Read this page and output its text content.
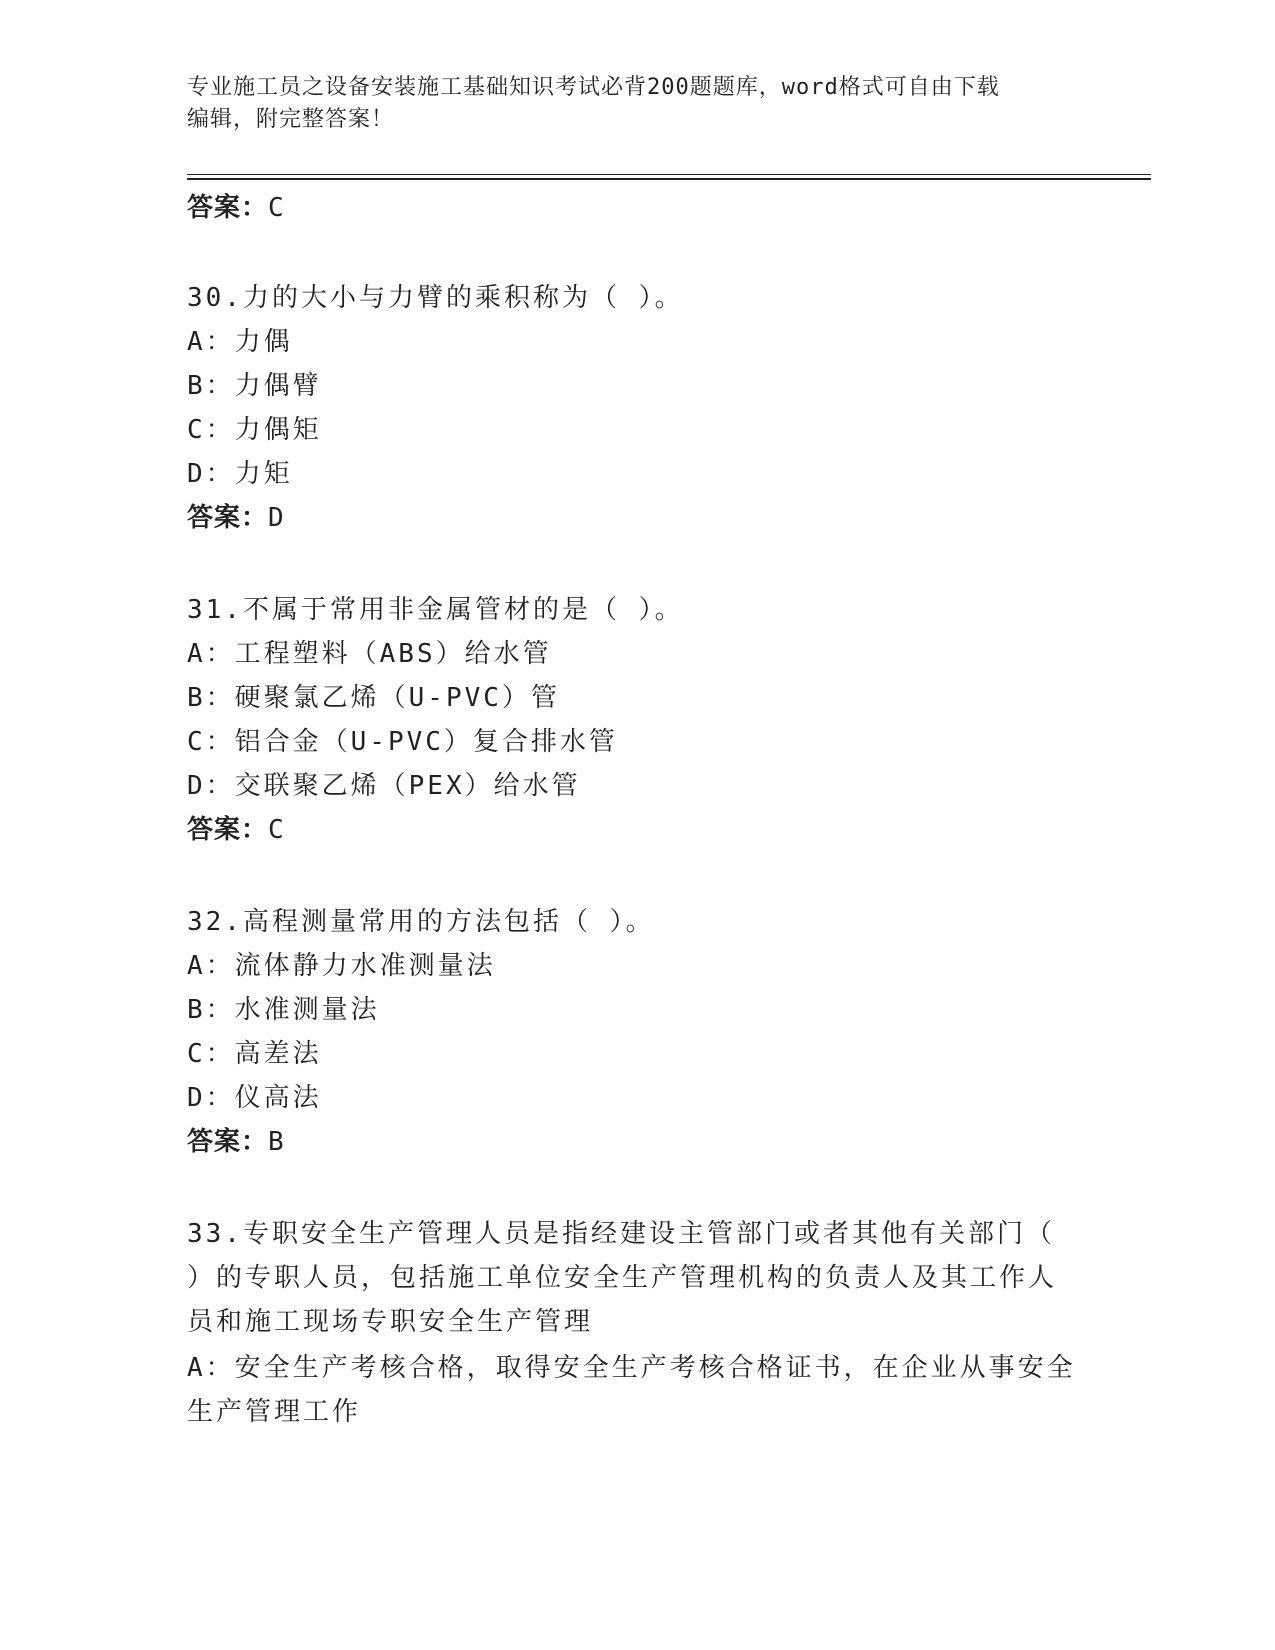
专业施工员之设备安装施工基础知识考试必背200题题库，word格式可自由下载
编辑，附完整答案！
答案：C
30.力的大小与力臂的乘积称为（ ）。
A：力偶
B：力偶臂
C：力偶矩
D：力矩
答案：D
31.不属于常用非金属管材的是（ ）。
A：工程塑料（ABS）给水管
B：硬聚氯乙烯（U-PVC）管
C：铝合金（U-PVC）复合排水管
D：交联聚乙烯（PEX）给水管
答案：C
32.高程测量常用的方法包括（ ）。
A：流体静力水准测量法
B：水准测量法
C：高差法
D：仪高法
答案：B
33.专职安全生产管理人员是指经建设主管部门或者其他有关部门（
）的专职人员，包括施工单位安全生产管理机构的负责人及其工作人
员和施工现场专职安全生产管理
A：安全生产考核合格，取得安全生产考核合格证书，在企业从事安全
生产管理工作
